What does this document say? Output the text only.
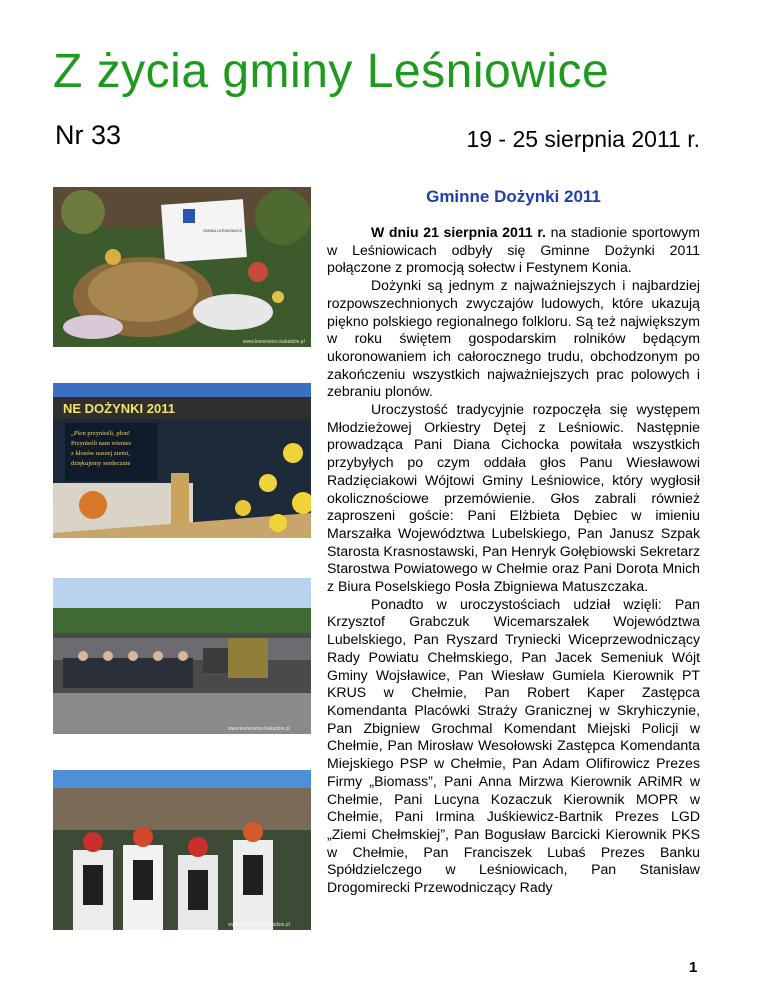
Z życia gminy Leśniowice
Nr 33	19 - 25 sierpnia 2011 r.
Gminne Dożynki 2011
GMINA LEŚNIOWICE
www.lesniowice.bakadzie.pl
NE DOŻYNKI 2011
„Plon przynieśli, plon!
Przynieśli nam wieniec
z kłosów naszej ziemi,
dziękujemy serdecznie
www.lesniowice.bakadzie.pl
www.lesniowice.bakadzie.pl

W dniu 21 sierpnia 2011 r. na stadionie sportowym w Leśniowicach odbyły się Gminne Dożynki 2011 połączone z promocją sołectw i Festynem Konia.

Dożynki są jednym z najważniejszych i najbardziej rozpowszechnionych zwyczajów ludowych, które ukazują piękno polskiego regionalnego folkloru. Są też największym w roku świętem gospodarskim rolników będącym ukoronowaniem ich całorocznego trudu, obchodzonym po zakończeniu wszystkich najważniejszych prac polowych i zebraniu plonów.

Uroczystość tradycyjnie rozpoczęła się występem Młodzieżowej Orkiestry Dętej z Leśniowic. Następnie prowadząca Pani Diana Cichocka powitała wszystkich przybyłych po czym oddała głos Panu Wiesławowi Radzięciakowi Wójtowi Gminy Leśniowice, który wygłosił okolicznościowe przemówienie. Głos zabrali również zaproszeni goście: Pani Elżbieta Dębiec w imieniu Marszałka Województwa Lubelskiego, Pan Janusz Szpak Starosta Krasnostawski, Pan Henryk Gołębiowski Sekretarz Starostwa Powiatowego w Chełmie oraz Pani Dorota Mnich z Biura Poselskiego Posła Zbigniewa Matuszczaka.

Ponadto w uroczystościach udział wzięli: Pan Krzysztof Grabczuk Wicemarszałek Województwa Lubelskiego, Pan Ryszard Tryniecki Wiceprzewodniczący Rady Powiatu Chełmskiego, Pan Jacek Semeniuk Wójt Gminy Wojsławice, Pan Wiesław Gumiela Kierownik PT KRUS w Chełmie, Pan Robert Kaper Zastępca Komendanta Placówki Straży Granicznej w Skryhiczynie, Pan Zbigniew Grochmal Komendant Miejski Policji w Chełmie, Pan Mirosław Wesołowski Zastępca Komendanta Miejskiego PSP w Chełmie, Pan Adam Olifirowicz Prezes Firmy „Biomass”, Pani Anna Mirzwa Kierownik ARiMR w Chełmie, Pani Lucyna Kozaczuk Kierownik MOPR w Chełmie, Pani Irmina Juśkiewicz-Bartnik Prezes LGD „Ziemi Chełmskiej”, Pan Bogusław Barcicki Kierownik PKS w Chełmie, Pan Franciszek Lubaś Prezes Banku Spółdzielczego w Leśniowicach, Pan Stanisław Drogomirecki Przewodniczący Rady

1
